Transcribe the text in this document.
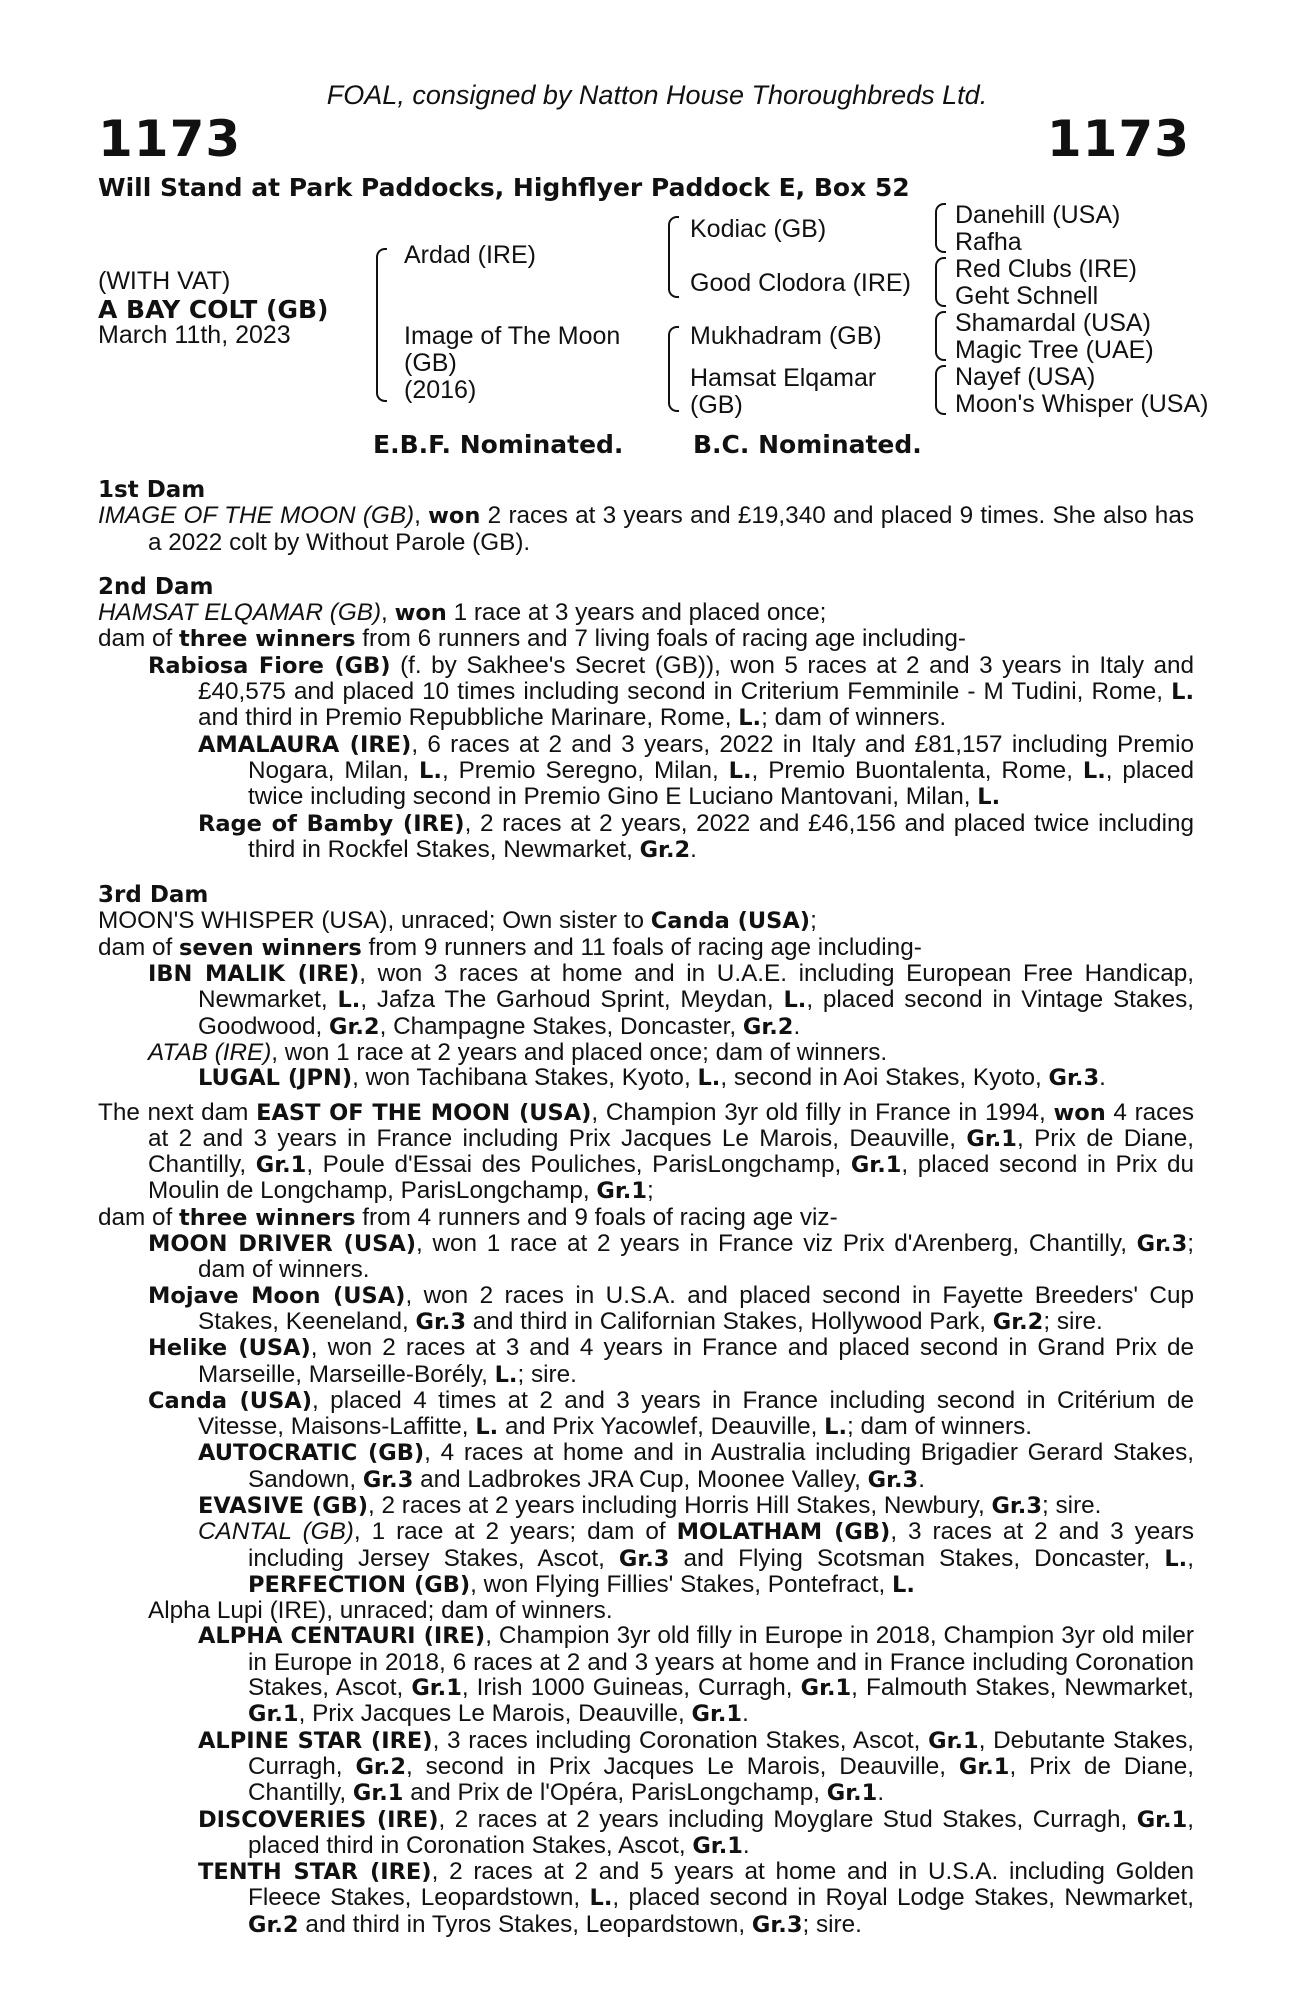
FOAL, consigned by Natton House Thoroughbreds Ltd.
1173	1173
Will Stand at Park Paddocks, Highflyer Paddock E, Box 52
(WITH VAT)
A BAY COLT (GB)
March 11th, 2023
Ardad (IRE)
Image of The Moon
(GB)
(2016)
Kodiac (GB)
Good Clodora (IRE)
Mukhadram (GB)
Hamsat Elqamar
(GB)
Danehill (USA)
Rafha
Red Clubs (IRE)
Geht Schnell
Shamardal (USA)
Magic Tree (UAE)
Nayef (USA)
Moon's Whisper (USA)
E.B.F. Nominated.	B.C. Nominated.

1st Dam

IMAGE OF THE MOON (GB), won 2 races at 3 years and £19,340 and placed 9 times. She also has a 2022 colt by Without Parole (GB).

2nd Dam

HAMSAT ELQAMAR (GB), won 1 race at 3 years and placed once;

dam of three winners from 6 runners and 7 living foals of racing age including-

Rabiosa Fiore (GB) (f. by Sakhee's Secret (GB)), won 5 races at 2 and 3 years in Italy and £40,575 and placed 10 times including second in Criterium Femminile - M Tudini, Rome, L. and third in Premio Repubbliche Marinare, Rome, L.; dam of winners.

AMALAURA (IRE), 6 races at 2 and 3 years, 2022 in Italy and £81,157 including Premio Nogara, Milan, L., Premio Seregno, Milan, L., Premio Buontalenta, Rome, L., placed twice including second in Premio Gino E Luciano Mantovani, Milan, L.

Rage of Bamby (IRE), 2 races at 2 years, 2022 and £46,156 and placed twice including third in Rockfel Stakes, Newmarket, Gr.2.

3rd Dam

MOON'S WHISPER (USA), unraced; Own sister to Canda (USA);

dam of seven winners from 9 runners and 11 foals of racing age including-

IBN MALIK (IRE), won 3 races at home and in U.A.E. including European Free Handicap, Newmarket, L., Jafza The Garhoud Sprint, Meydan, L., placed second in Vintage Stakes, Goodwood, Gr.2, Champagne Stakes, Doncaster, Gr.2.

ATAB (IRE), won 1 race at 2 years and placed once; dam of winners.

LUGAL (JPN), won Tachibana Stakes, Kyoto, L., second in Aoi Stakes, Kyoto, Gr.3.

The next dam EAST OF THE MOON (USA), Champion 3yr old filly in France in 1994, won 4 races at 2 and 3 years in France including Prix Jacques Le Marois, Deauville, Gr.1, Prix de Diane, Chantilly, Gr.1, Poule d'Essai des Pouliches, ParisLongchamp, Gr.1, placed second in Prix du Moulin de Longchamp, ParisLongchamp, Gr.1;

dam of three winners from 4 runners and 9 foals of racing age viz-

MOON DRIVER (USA), won 1 race at 2 years in France viz Prix d'Arenberg, Chantilly, Gr.3; dam of winners.

Mojave Moon (USA), won 2 races in U.S.A. and placed second in Fayette Breeders' Cup Stakes, Keeneland, Gr.3 and third in Californian Stakes, Hollywood Park, Gr.2; sire.

Helike (USA), won 2 races at 3 and 4 years in France and placed second in Grand Prix de Marseille, Marseille-Borély, L.; sire.

Canda (USA), placed 4 times at 2 and 3 years in France including second in Critérium de Vitesse, Maisons-Laffitte, L. and Prix Yacowlef, Deauville, L.; dam of winners.

AUTOCRATIC (GB), 4 races at home and in Australia including Brigadier Gerard Stakes, Sandown, Gr.3 and Ladbrokes JRA Cup, Moonee Valley, Gr.3.

EVASIVE (GB), 2 races at 2 years including Horris Hill Stakes, Newbury, Gr.3; sire.

CANTAL (GB), 1 race at 2 years; dam of MOLATHAM (GB), 3 races at 2 and 3 years including Jersey Stakes, Ascot, Gr.3 and Flying Scotsman Stakes, Doncaster, L., PERFECTION (GB), won Flying Fillies' Stakes, Pontefract, L.

Alpha Lupi (IRE), unraced; dam of winners.

ALPHA CENTAURI (IRE), Champion 3yr old filly in Europe in 2018, Champion 3yr old miler in Europe in 2018, 6 races at 2 and 3 years at home and in France including Coronation Stakes, Ascot, Gr.1, Irish 1000 Guineas, Curragh, Gr.1, Falmouth Stakes, Newmarket, Gr.1, Prix Jacques Le Marois, Deauville, Gr.1.

ALPINE STAR (IRE), 3 races including Coronation Stakes, Ascot, Gr.1, Debutante Stakes, Curragh, Gr.2, second in Prix Jacques Le Marois, Deauville, Gr.1, Prix de Diane, Chantilly, Gr.1 and Prix de l'Opéra, ParisLongchamp, Gr.1.

DISCOVERIES (IRE), 2 races at 2 years including Moyglare Stud Stakes, Curragh, Gr.1, placed third in Coronation Stakes, Ascot, Gr.1.

TENTH STAR (IRE), 2 races at 2 and 5 years at home and in U.S.A. including Golden Fleece Stakes, Leopardstown, L., placed second in Royal Lodge Stakes, Newmarket, Gr.2 and third in Tyros Stakes, Leopardstown, Gr.3; sire.
